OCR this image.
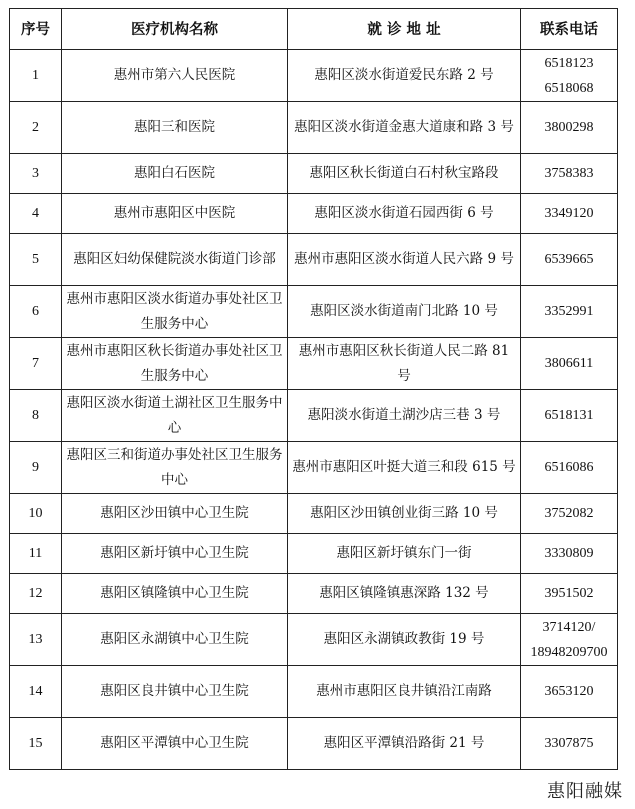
序号	医疗机构名称	就 诊 地 址	联系电话
1	惠州市第六人民医院	惠阳区淡水街道爱民东路 2 号	6518123
6518068

2	惠阳三和医院	惠阳区淡水街道金惠大道康和路 3 号	3800298

3	惠阳白石医院	惠阳区秋长街道白石村秋宝路段	3758383

4	惠州市惠阳区中医院	惠阳区淡水街道石园西街 6 号	3349120

5	惠阳区妇幼保健院淡水街道门诊部	惠州市惠阳区淡水街道人民六路 9 号	6539665

6	惠州市惠阳区淡水街道办事处社区卫生服务中心	惠阳区淡水街道南门北路 10 号	3352991

7	惠州市惠阳区秋长街道办事处社区卫生服务中心	惠州市惠阳区秋长街道人民二路 81 号	3806611

8	惠阳区淡水街道土湖社区卫生服务中心	惠阳淡水街道土湖沙店三巷 3 号	6518131

9	惠阳区三和街道办事处社区卫生服务中心	惠州市惠阳区叶挺大道三和段 615 号	6516086

10	惠阳区沙田镇中心卫生院	惠阳区沙田镇创业街三路 10 号	3752082

11	惠阳区新圩镇中心卫生院	惠阳区新圩镇东门一街	3330809

12	惠阳区镇隆镇中心卫生院	惠阳区镇隆镇惠深路 132 号	3951502

13	惠阳区永湖镇中心卫生院	惠阳区永湖镇政教街 19 号	3714120/
18948209700

14	惠阳区良井镇中心卫生院	惠州市惠阳区良井镇沿江南路	3653120

15	惠阳区平潭镇中心卫生院	惠阳区平潭镇沿路街 21 号	3307875
惠阳融媒
